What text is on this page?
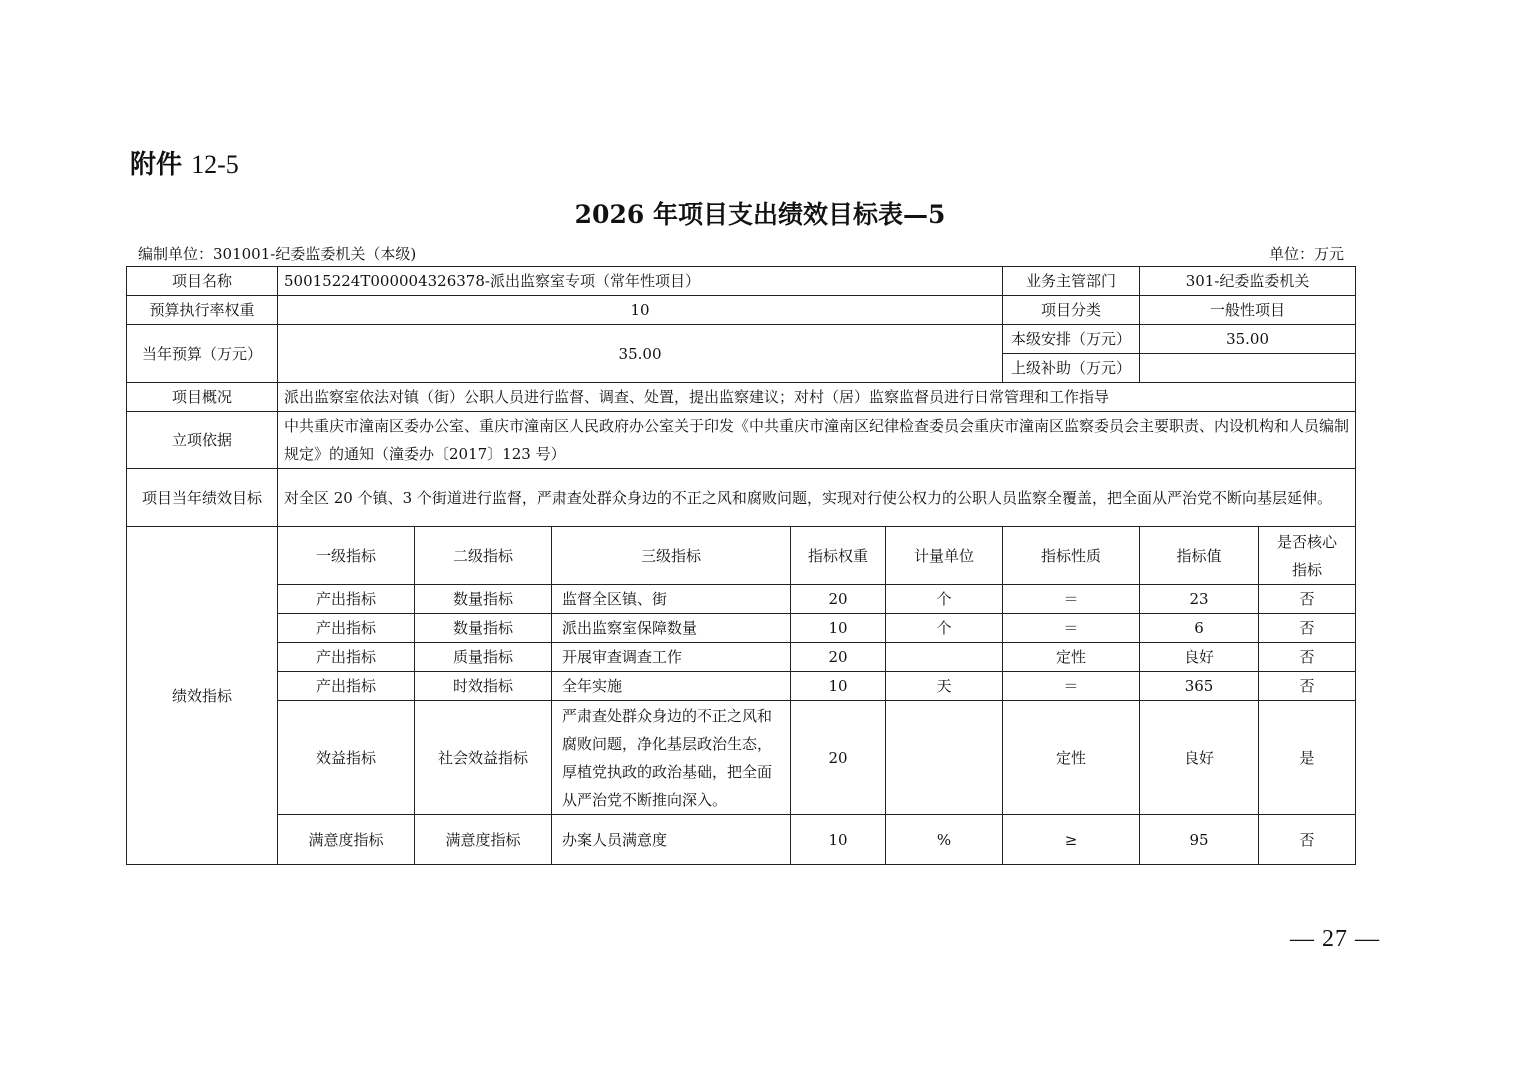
附件 12-5
2026 年项目支出绩效目标表—5
编制单位：301001-纪委监委机关（本级)	单位：万元
项目名称	50015224T000004326378-派出监察室专项（常年性项目）					业务主管部门	301-纪委监委机关	
预算执行率权重	10					项目分类	一般性项目	
当年预算（万元）	35.00					本级安排（万元）	35.00	
						上级补助（万元）		
项目概况	派出监察室依法对镇（街）公职人员进行监督、调查、处置，提出监察建议；对村（居）监察监督员进行日常管理和工作指导							
立项依据	中共重庆市潼南区委办公室、重庆市潼南区人民政府办公室关于印发《中共重庆市潼南区纪律检查委员会重庆市潼南区监察委员会主要职责、内设机构和人员编制规定》的通知（潼委办〔2017〕123 号）							
项目当年绩效目标	对全区 20 个镇、3 个街道进行监督，严肃查处群众身边的不正之风和腐败问题，实现对行使公权力的公职人员监察全覆盖，把全面从严治党不断向基层延伸。							
绩效指标	一级指标	二级指标	三级指标	指标权重	计量单位	指标性质	指标值	是否核心指标
	产出指标	数量指标	监督全区镇、街	20	个	＝	23	否
	产出指标	数量指标	派出监察室保障数量	10	个	＝	6	否
	产出指标	质量指标	开展审查调查工作	20		定性	良好	否
	产出指标	时效指标	全年实施	10	天	＝	365	否
	效益指标	社会效益指标	严肃查处群众身边的不正之风和腐败问题，净化基层政治生态，厚植党执政的政治基础，把全面从严治党不断推向深入。	20		定性	良好	是
	满意度指标	满意度指标	办案人员满意度	10	%	≥	95	否
— 27 —
